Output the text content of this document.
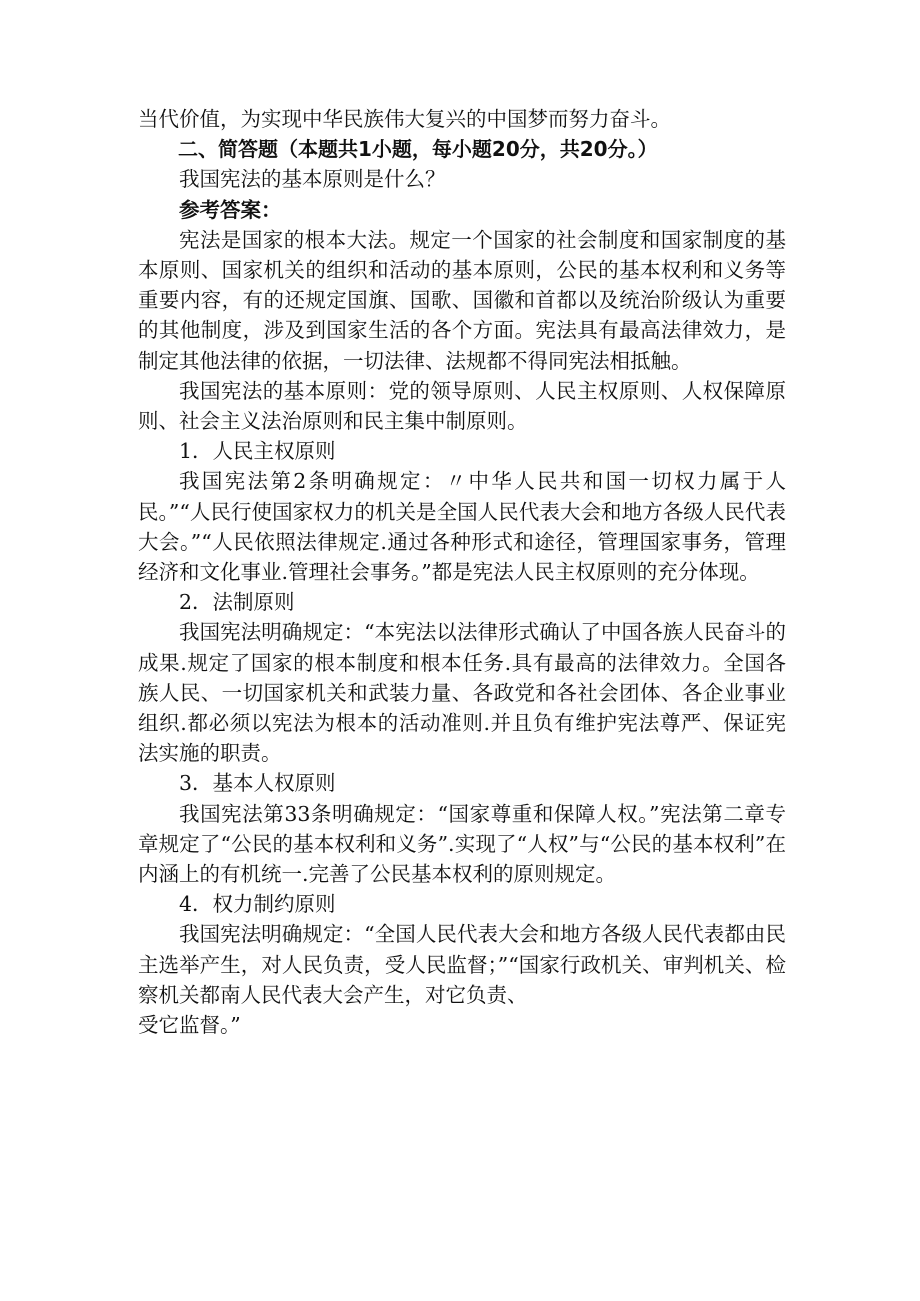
当代价值，为实现中华民族伟大复兴的中国梦而努力奋斗。

二、简答题（本题共1小题，每小题20分，共20分。）

我国宪法的基本原则是什么？

参考答案：

宪法是国家的根本大法。规定一个国家的社会制度和国家制度的基本原则、国家机关的组织和活动的基本原则，公民的基本权利和义务等重要内容，有的还规定国旗、国歌、国徽和首都以及统治阶级认为重要的其他制度，涉及到国家生活的各个方面。宪法具有最高法律效力，是制定其他法律的依据，一切法律、法规都不得同宪法相抵触。

我国宪法的基本原则：党的领导原则、人民主权原则、人权保障原则、社会主义法治原则和民主集中制原则。

1．人民主权原则

我国宪法第2条明确规定：〃中华人民共和国一切权力属于人民。”“人民行使国家权力的机关是全国人民代表大会和地方各级人民代表大会。”“人民依照法律规定.通过各种形式和途径，管理国家事务，管理经济和文化事业.管理社会事务。”都是宪法人民主权原则的充分体现。

2．法制原则

我国宪法明确规定：“本宪法以法律形式确认了中国各族人民奋斗的成果.规定了国家的根本制度和根本任务.具有最高的法律效力。全国各族人民、一切国家机关和武装力量、各政党和各社会团体、各企业事业组织.都必须以宪法为根本的活动准则.并且负有维护宪法尊严、保证宪法实施的职责。

3．基本人权原则

我国宪法第33条明确规定：“国家尊重和保障人权。”宪法第二章专章规定了“公民的基本权利和义务”.实现了“人权”与“公民的基本权利”在内涵上的有机统一.完善了公民基本权利的原则规定。

4．权力制约原则

我国宪法明确规定：“全国人民代表大会和地方各级人民代表都由民主选举产生，对人民负责，受人民监督；”“国家行政机关、审判机关、检察机关都南人民代表大会产生，对它负责、
受它监督。”
